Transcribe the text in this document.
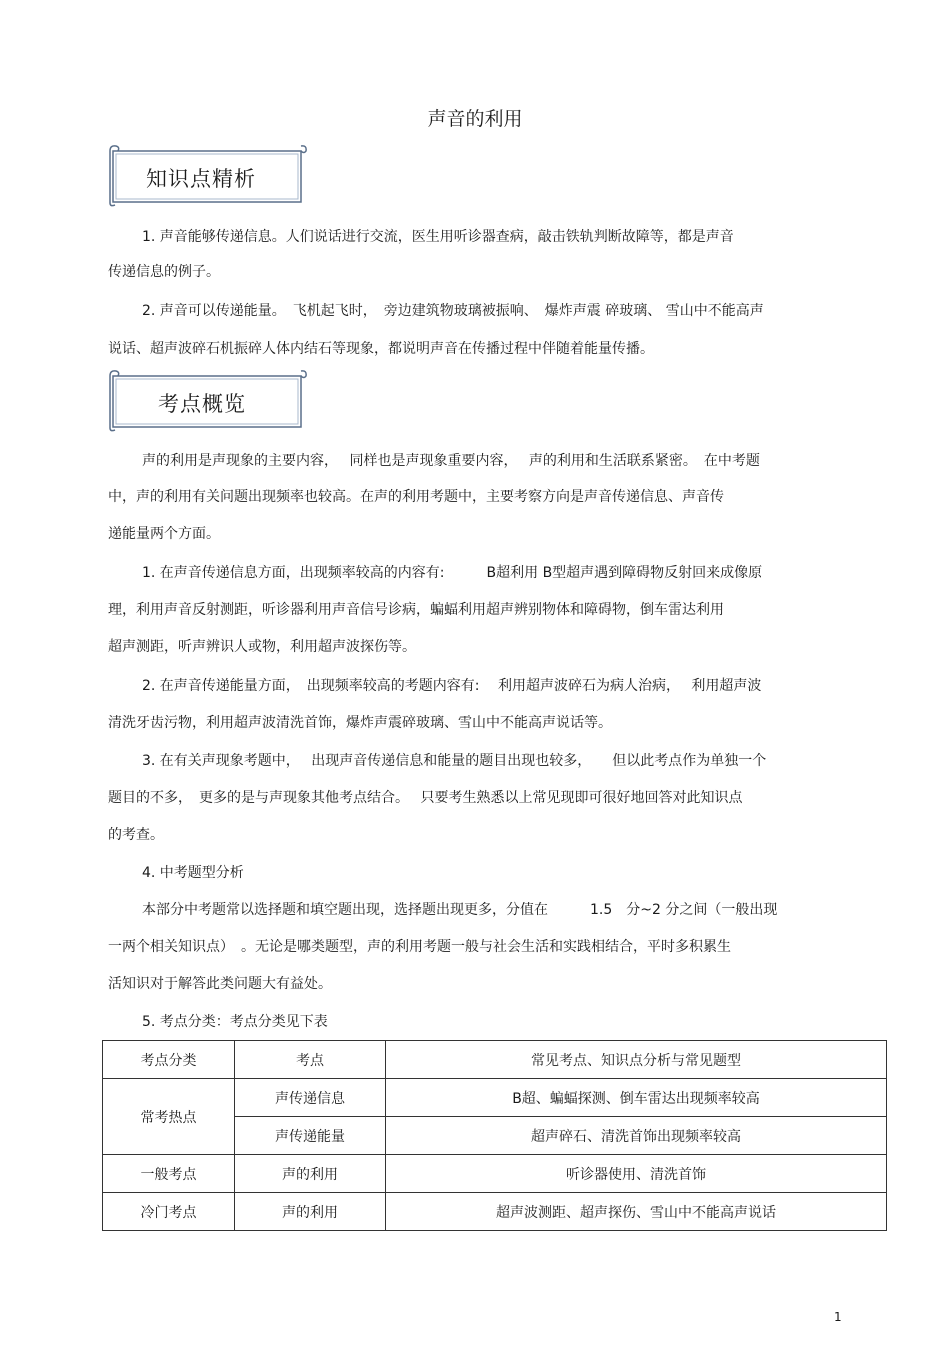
声音的利用
知识点精析
1. 声音能够传递信息。人们说话进行交流，医生用听诊器查病，敲击铁轨判断故障等，都是声音
传递信息的例子。
2. 声音可以传递能量。　飞机起飞时，　旁边建筑物玻璃被振响、　爆炸声震 碎玻璃、 雪山中不能高声
说话、超声波碎石机振碎人体内结石等现象，都说明声音在传播过程中伴随着能量传播。
考点概览
声的利用是声现象的主要内容，　 同样也是声现象重要内容，　 声的利用和生活联系紧密。　在中考题
中，声的利用有关问题出现频率也较高。在声的利用考题中，主要考察方向是声音传递信息、声音传
递能量两个方面。
1. 在声音传递信息方面，出现频率较高的内容有:　　　B超利用 B型超声遇到障碍物反射回来成像原
理，利用声音反射测距，听诊器利用声音信号诊病，蝙蝠利用超声辨别物体和障碍物，倒车雷达利用
超声测距，听声辨识人或物，利用超声波探伤等。
2. 在声音传递能量方面，　出现频率较高的考题内容有:　 利用超声波碎石为病人治病，　 利用超声波
清洗牙齿污物，利用超声波清洗首饰，爆炸声震碎玻璃、雪山中不能高声说话等。
3. 在有关声现象考题中，　 出现声音传递信息和能量的题目出现也较多，　　但以此考点作为单独一个
题目的不多，　更多的是与声现象其他考点结合。　 只要考生熟悉以上常见现即可很好地回答对此知识点
的考查。
4. 中考题型分析
本部分中考题常以选择题和填空题出现，选择题出现更多，分值在　　　1.5　分~2 分之间（一般出现
一两个相关知识点）　。无论是哪类题型，声的利用考题一般与社会生活和实践相结合，平时多积累生
活知识对于解答此类问题大有益处。
5. 考点分类：考点分类见下表
考点分类	考点	常见考点、知识点分析与常见题型
常考热点	声传递信息	B超、蝙蝠探测、倒车雷达出现频率较高
	声传递能量	超声碎石、清洗首饰出现频率较高
一般考点	声的利用	听诊器使用、清洗首饰
冷门考点	声的利用	超声波测距、超声探伤、雪山中不能高声说话
1
